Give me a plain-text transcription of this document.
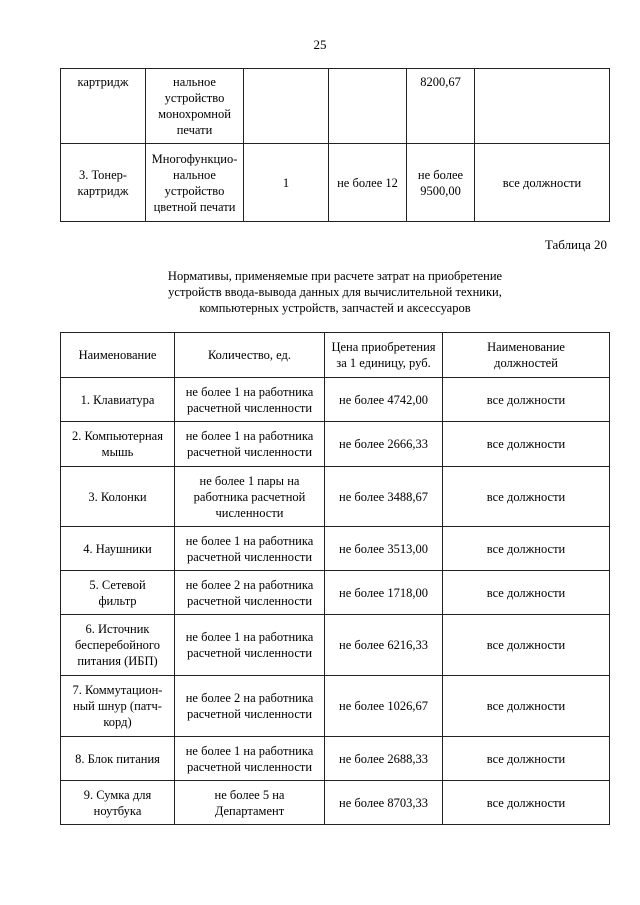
25
картридж	нальное
устройство
монохромной
печати			8200,67	

3. Тонер-
картридж	Многофункцио-
нальное
устройство
цветной печати	1	не более 12	не более
9500,00	все должности
Таблица 20
Нормативы, применяемые при расчете затрат на приобретение
устройств ввода-вывода данных для вычислительной техники,
компьютерных устройств, запчастей и аксессуаров
Наименование	Количество, ед.	Цена приобретения
за 1 единицу, руб.	Наименование
должностей

1. Клавиатура	не более 1 на работника
расчетной численности	не более 4742,00	все должности

2. Компьютерная
мышь	не более 1 на работника
расчетной численности	не более 2666,33	все должности

3. Колонки	не более 1 пары на
работника расчетной
численности	не более 3488,67	все должности

4. Наушники	не более 1 на работника
расчетной численности	не более 3513,00	все должности

5. Сетевой
фильтр	не более 2 на работника
расчетной численности	не более 1718,00	все должности

6. Источник
бесперебойного
питания (ИБП)	не более 1 на работника
расчетной численности	не более 6216,33	все должности

7. Коммутацион-
ный шнур (патч-
корд)	не более 2 на работника
расчетной численности	не более 1026,67	все должности

8. Блок питания	не более 1 на работника
расчетной численности	не более 2688,33	все должности

9. Сумка для
ноутбука	не более 5 на
Департамент	не более 8703,33	все должности
